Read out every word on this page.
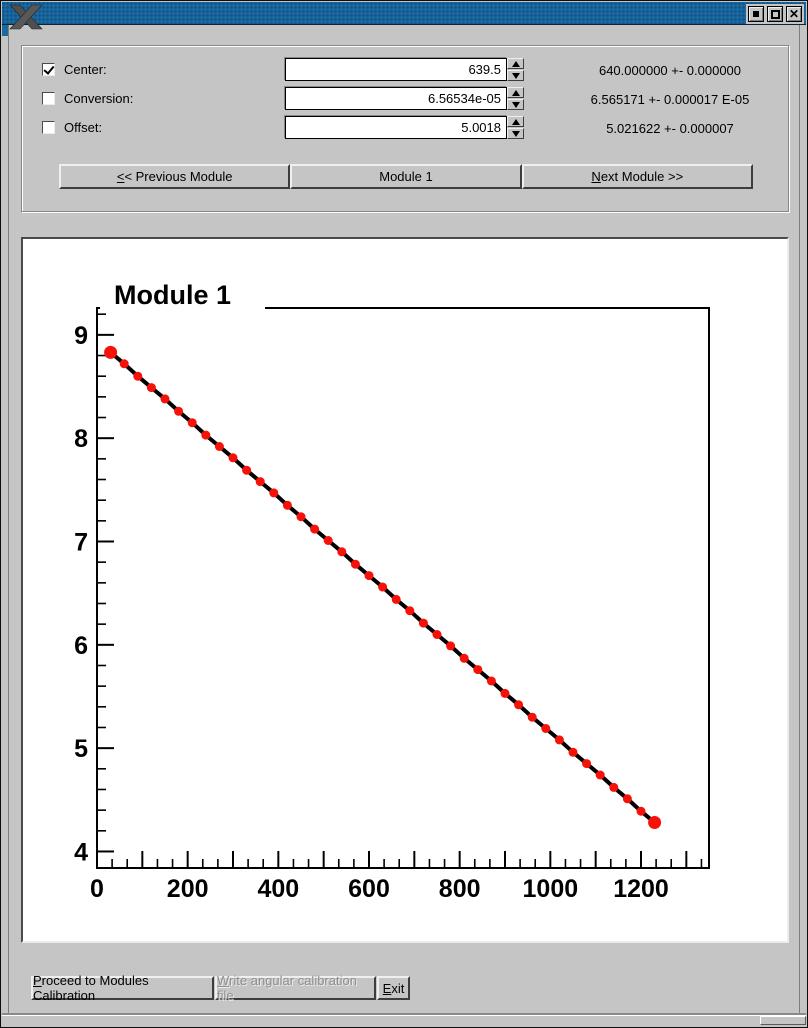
✕
Center:
639.5	640.000000 +- 0.000000
Conversion:
6.56534e-05	6.565171 +- 0.000017 E-05
Offset:
5.0018	5.021622 +- 0.000007
<< Previous Module	Module 1	Next Module >>
4
5
6
7
8
9
0	200 400 600 800 1000 1200
Module 1
Proceed to Modules Calibration
Write angular calibration file	Exit
